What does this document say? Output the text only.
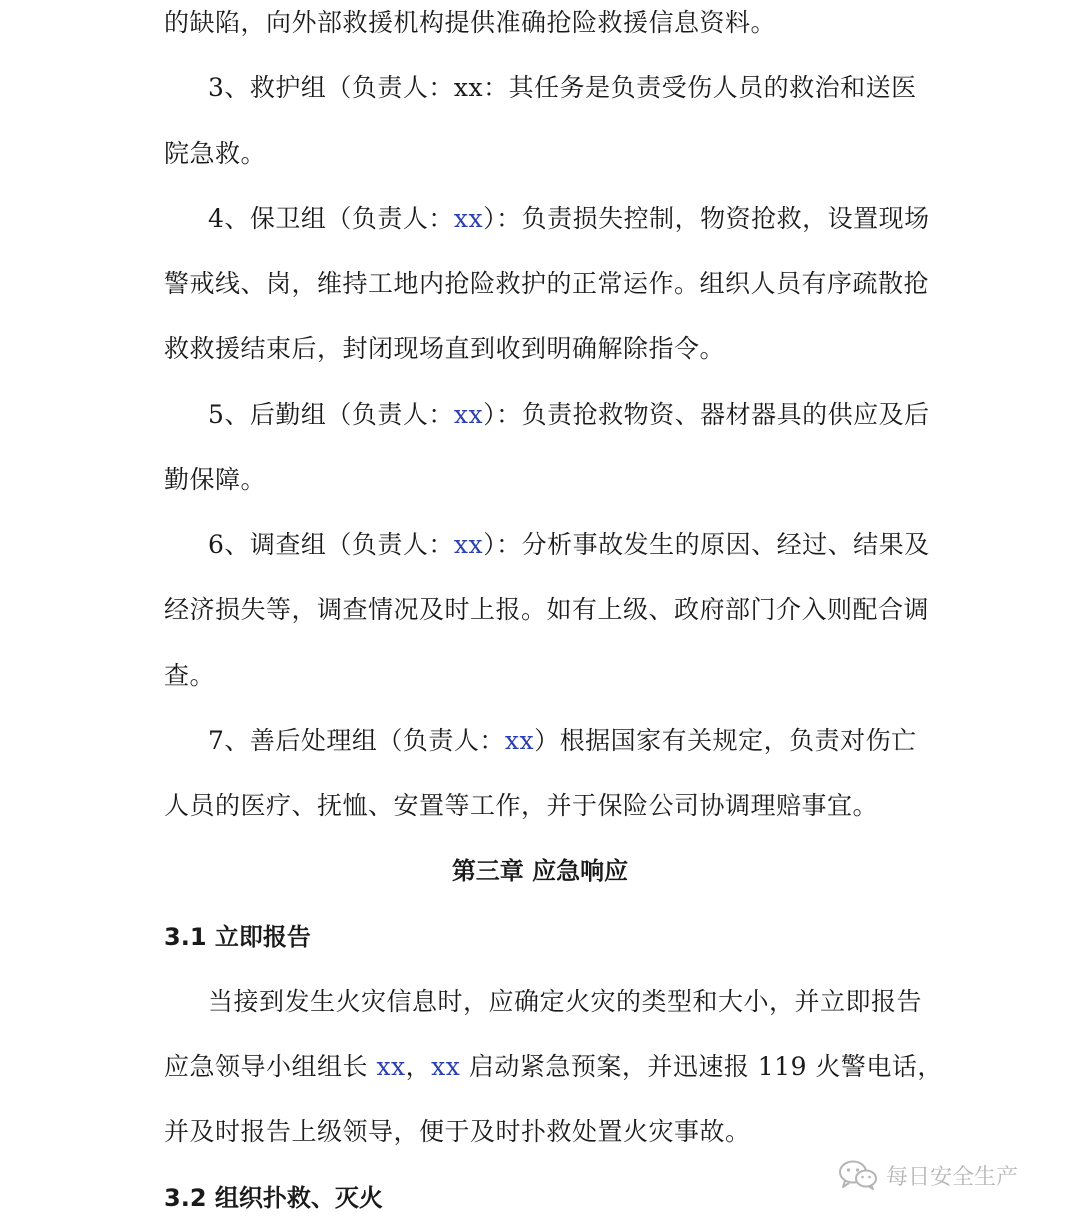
的缺陷，向外部救援机构提供准确抢险救援信息资料。
3、救护组（负责人：xx：其任务是负责受伤人员的救治和送医
院急救。
4、保卫组（负责人：xx）：负责损失控制，物资抢救，设置现场
警戒线、岗，维持工地内抢险救护的正常运作。组织人员有序疏散抢
救救援结束后，封闭现场直到收到明确解除指令。
5、后勤组（负责人：xx）：负责抢救物资、器材器具的供应及后
勤保障。
6、调查组（负责人：xx）：分析事故发生的原因、经过、结果及
经济损失等，调查情况及时上报。如有上级、政府部门介入则配合调
查。
7、善后处理组（负责人：xx）根据国家有关规定，负责对伤亡
人员的医疗、抚恤、安置等工作，并于保险公司协调理赔事宜。
第三章 应急响应
3.1 立即报告
当接到发生火灾信息时，应确定火灾的类型和大小，并立即报告
应急领导小组组长 xx，xx 启动紧急预案，并迅速报 119 火警电话，
并及时报告上级领导，便于及时扑救处置火灾事故。
3.2 组织扑救、灭火
每日安全生产
